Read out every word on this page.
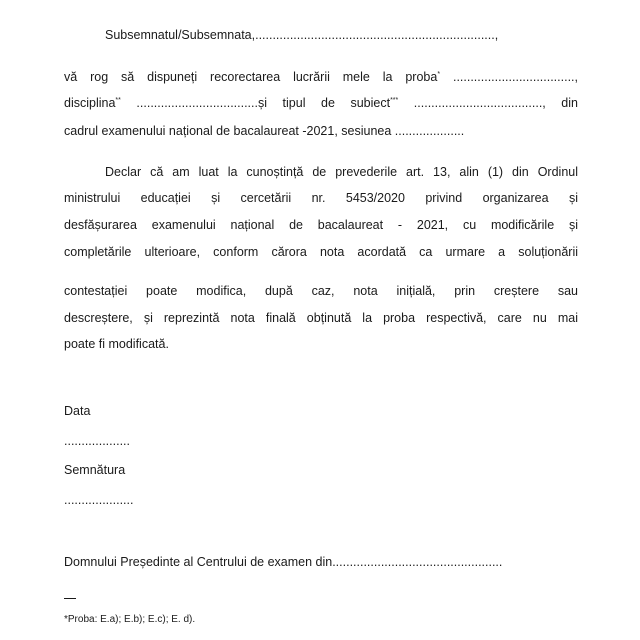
Subsemnatul/Subsemnata,.....................................................................,
vă rog să dispuneți recorectarea lucrării mele la proba* ...................................,
disciplina** ...................................și tipul de subiect*** ....................................., din
cadrul examenului național de bacalaureat -2021, sesiunea ....................
Declar că am luat la cunoștință de prevederile art. 13, alin (1) din Ordinul
ministrului educației și cercetării nr. 5453/2020 privind organizarea și
desfășurarea examenului național de bacalaureat - 2021, cu modificările și
completările ulterioare, conform cărora nota acordată ca urmare a soluționării
contestației poate modifica, după caz, nota inițială, prin creștere sau
descreștere, și reprezintă nota finală obținută la proba respectivă, care nu mai
poate fi modificată.
Data
...................
Semnătura
....................
Domnului Președinte al Centrului de examen din.................................................
*Proba: E.a); E.b); E.c); E. d).
